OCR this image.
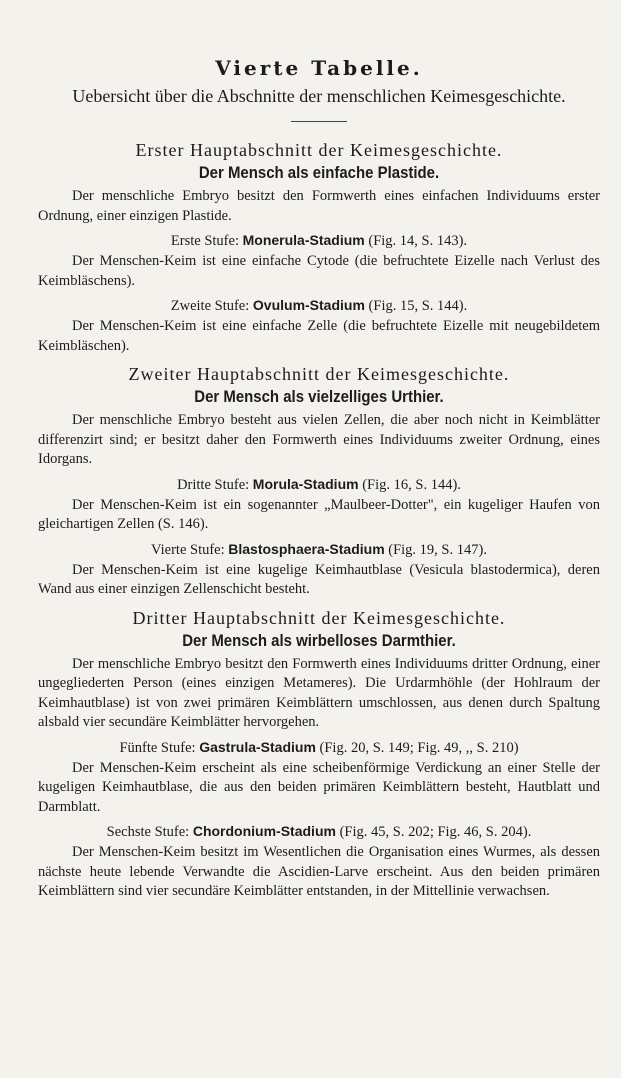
Vierte Tabelle.
Uebersicht über die Abschnitte der menschlichen Keimesgeschichte.
Erster Hauptabschnitt der Keimesgeschichte.
Der Mensch als einfache Plastide.

Der menschliche Embryo besitzt den Formwerth eines einfachen Individuums erster Ordnung, einer einzigen Plastide.

Erste Stufe: Monerula-Stadium (Fig. 14, S. 143).

Der Menschen-Keim ist eine einfache Cytode (die befruchtete Eizelle nach Verlust des Keimbläschens).

Zweite Stufe: Ovulum-Stadium (Fig. 15, S. 144).

Der Menschen-Keim ist eine einfache Zelle (die befruchtete Eizelle mit neugebildetem Keimbläschen).

Zweiter Hauptabschnitt der Keimesgeschichte.
Der Mensch als vielzelliges Urthier.

Der menschliche Embryo besteht aus vielen Zellen, die aber noch nicht in Keimblätter differenzirt sind; er besitzt daher den Formwerth eines Individuums zweiter Ordnung, eines Idorgans.

Dritte Stufe: Morula-Stadium (Fig. 16, S. 144).

Der Menschen-Keim ist ein sogenannter „Maulbeer-Dotter", ein kugeliger Haufen von gleichartigen Zellen (S. 146).

Vierte Stufe: Blastosphaera-Stadium (Fig. 19, S. 147).

Der Menschen-Keim ist eine kugelige Keimhautblase (Vesicula blastodermica), deren Wand aus einer einzigen Zellenschicht besteht.

Dritter Hauptabschnitt der Keimesgeschichte.
Der Mensch als wirbelloses Darmthier.

Der menschliche Embryo besitzt den Formwerth eines Individuums dritter Ordnung, einer ungegliederten Person (eines einzigen Metameres). Die Urdarmhöhle (der Hohlraum der Keimhautblase) ist von zwei primären Keimblättern umschlossen, aus denen durch Spaltung alsbald vier secundäre Keimblätter hervorgehen.

Fünfte Stufe: Gastrula-Stadium (Fig. 20, S. 149; Fig. 49, ,, S. 210)

Der Menschen-Keim erscheint als eine scheibenförmige Verdickung an einer Stelle der kugeligen Keimhautblase, die aus den beiden primären Keimblättern besteht, Hautblatt und Darmblatt.

Sechste Stufe: Chordonium-Stadium (Fig. 45, S. 202; Fig. 46, S. 204).

Der Menschen-Keim besitzt im Wesentlichen die Organisation eines Wurmes, als dessen nächste heute lebende Verwandte die Ascidien-Larve erscheint. Aus den beiden primären Keimblättern sind vier secundäre Keimblätter entstanden, in der Mittellinie verwachsen.
